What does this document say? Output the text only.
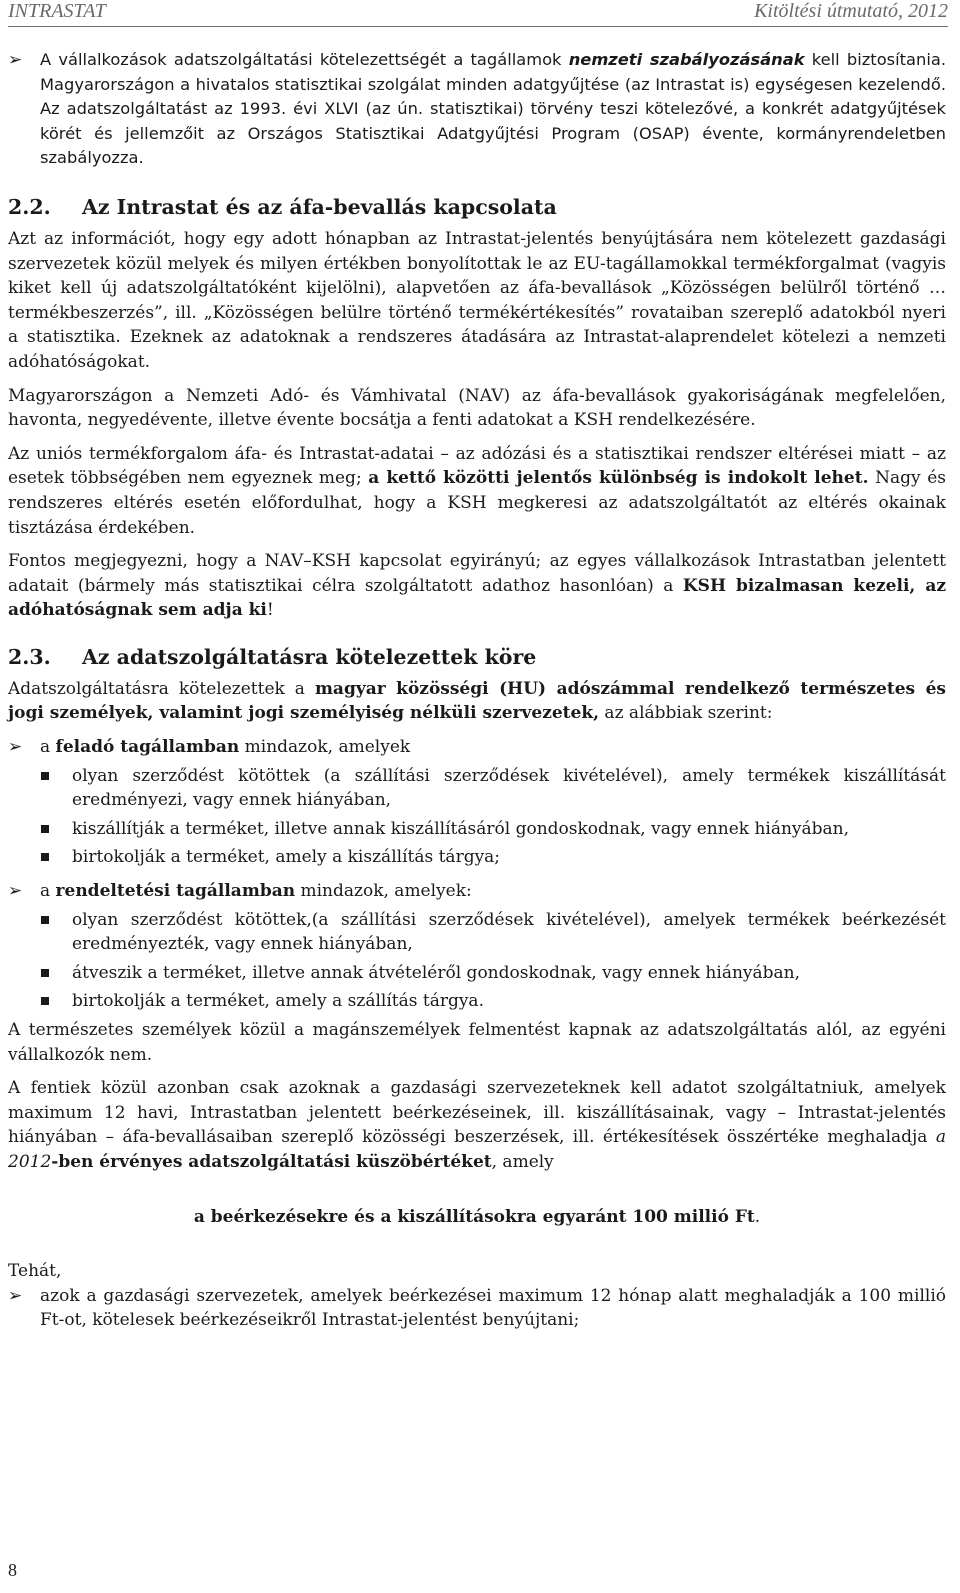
INTRASTAT	Kitöltési útmutató, 2012
➢	A vállalkozások adatszolgáltatási kötelezettségét a tagállamok nemzeti szabályozásának kell biztosítania. Magyarországon a hivatalos statisztikai szolgálat minden adatgyűjtése (az Intrastat is) egységesen kezelendő. Az adatszolgáltatást az 1993. évi XLVI (az ún. statisztikai) törvény teszi kötelezővé, a konkrét adatgyűjtések körét és jellemzőit az Országos Statisztikai Adatgyűjtési Program (OSAP) évente, kormányrendeletben szabályozza.
2.2. Az Intrastat és az áfa-bevallás kapcsolata

Azt az információt, hogy egy adott hónapban az Intrastat-jelentés benyújtására nem kötelezett gazdasági szervezetek közül melyek és milyen értékben bonyolítottak le az EU-tagállamokkal termékforgalmat (vagyis kiket kell új adatszolgáltatóként kijelölni), alapvetően az áfa-bevallások „Közösségen belülről történő … termékbeszerzés”, ill. „Közösségen belülre történő termékértékesítés” rovataiban szereplő adatokból nyeri a statisztika. Ezeknek az adatoknak a rendszeres átadására az Intrastat-alaprendelet kötelezi a nemzeti adóhatóságokat.

Magyarországon a Nemzeti Adó- és Vámhivatal (NAV) az áfa-bevallások gyakoriságának megfelelően, havonta, negyedévente, illetve évente bocsátja a fenti adatokat a KSH rendelkezésére.

Az uniós termékforgalom áfa- és Intrastat-adatai – az adózási és a statisztikai rendszer eltérései miatt – az esetek többségében nem egyeznek meg; a kettő közötti jelentős különbség is indokolt lehet. Nagy és rendszeres eltérés esetén előfordulhat, hogy a KSH megkeresi az adatszolgáltatót az eltérés okainak tisztázása érdekében.

Fontos megjegyezni, hogy a NAV–KSH kapcsolat egyirányú; az egyes vállalkozások Intrastatban jelentett adatait (bármely más statisztikai célra szolgáltatott adathoz hasonlóan) a KSH bizalmasan kezeli, az adóhatóságnak sem adja ki!

2.3. Az adatszolgáltatásra kötelezettek köre

Adatszolgáltatásra kötelezettek a magyar közösségi (HU) adószámmal rendelkező természetes és jogi személyek, valamint jogi személyiség nélküli szervezetek, az alábbiak szerint:

➢	a feladó tagállamban mindazok, amelyek
olyan szerződést kötöttek (a szállítási szerződések kivételével), amely termékek kiszállítását eredményezi, vagy ennek hiányában,
kiszállítják a terméket, illetve annak kiszállításáról gondoskodnak, vagy ennek hiányában,
birtokolják a terméket, amely a kiszállítás tárgya;
➢	a rendeltetési tagállamban mindazok, amelyek:
olyan szerződést kötöttek,(a szállítási szerződések kivételével), amelyek termékek beérkezését eredményezték, vagy ennek hiányában,
átveszik a terméket, illetve annak átvételéről gondoskodnak, vagy ennek hiányában,
birtokolják a terméket, amely a szállítás tárgya.

A természetes személyek közül a magánszemélyek felmentést kapnak az adatszolgáltatás alól, az egyéni vállalkozók nem.

A fentiek közül azonban csak azoknak a gazdasági szervezeteknek kell adatot szolgáltatniuk, amelyek maximum 12 havi, Intrastatban jelentett beérkezéseinek, ill. kiszállításainak, vagy – Intrastat-jelentés hiányában – áfa-bevallásaiban szereplő közösségi beszerzések, ill. értékesítések összértéke meghaladja a 2012-ben érvényes adatszolgáltatási küszöbértéket, amely

a beérkezésekre és a kiszállításokra egyaránt 100 millió Ft.

Tehát,

➢	azok a gazdasági szervezetek, amelyek beérkezései maximum 12 hónap alatt meghaladják a 100 millió Ft-ot, kötelesek beérkezéseikről Intrastat-jelentést benyújtani;
8
